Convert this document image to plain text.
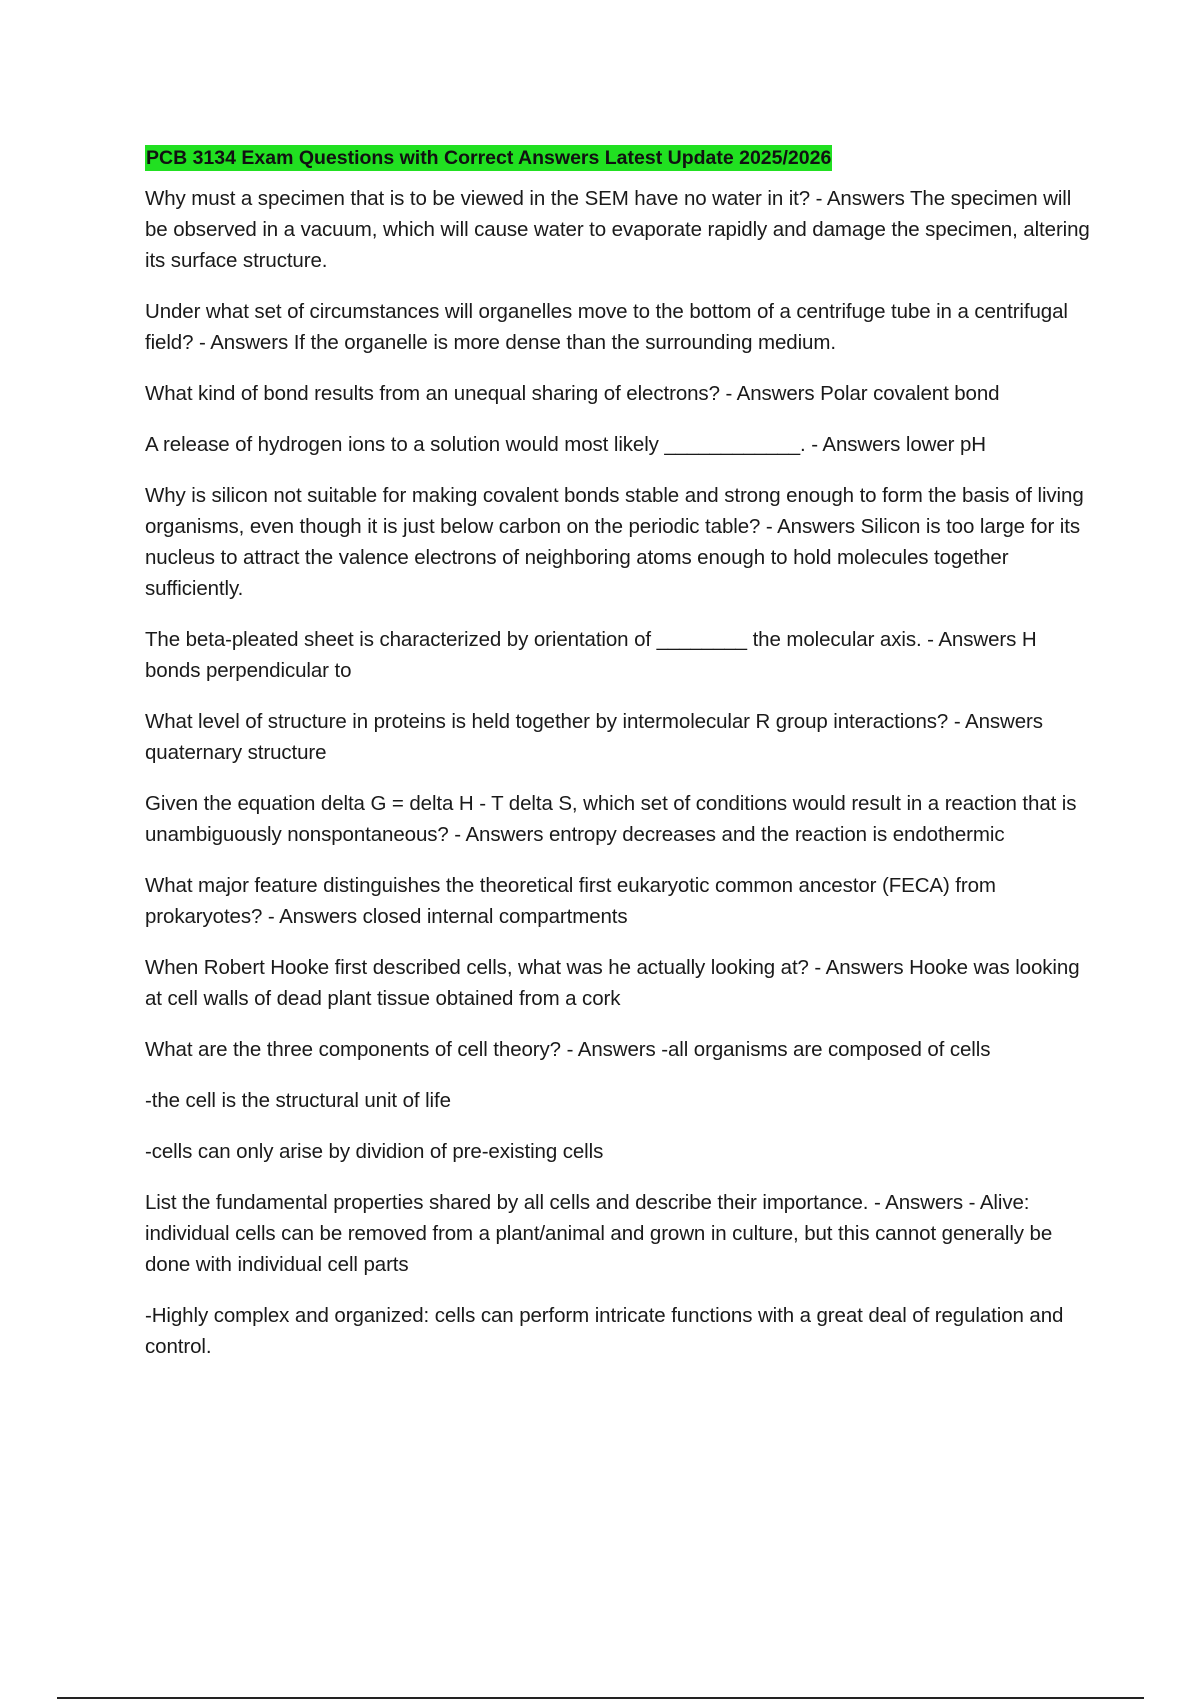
PCB 3134 Exam Questions with Correct Answers Latest Update 2025/2026

Why must a specimen that is to be viewed in the SEM have no water in it? - Answers The specimen will be observed in a vacuum, which will cause water to evaporate rapidly and damage the specimen, altering its surface structure.

Under what set of circumstances will organelles move to the bottom of a centrifuge tube in a centrifugal field? - Answers If the organelle is more dense than the surrounding medium.

What kind of bond results from an unequal sharing of electrons? - Answers Polar covalent bond

A release of hydrogen ions to a solution would most likely ____________. - Answers lower pH

Why is silicon not suitable for making covalent bonds stable and strong enough to form the basis of living organisms, even though it is just below carbon on the periodic table? - Answers Silicon is too large for its nucleus to attract the valence electrons of neighboring atoms enough to hold molecules together sufficiently.

The beta-pleated sheet is characterized by orientation of ________ the molecular axis. - Answers H bonds perpendicular to

What level of structure in proteins is held together by intermolecular R group interactions? - Answers quaternary structure

Given the equation delta G = delta H - T delta S, which set of conditions would result in a reaction that is unambiguously nonspontaneous? - Answers entropy decreases and the reaction is endothermic

What major feature distinguishes the theoretical first eukaryotic common ancestor (FECA) from prokaryotes? - Answers closed internal compartments

When Robert Hooke first described cells, what was he actually looking at? - Answers Hooke was looking at cell walls of dead plant tissue obtained from a cork

What are the three components of cell theory? - Answers -all organisms are composed of cells

-the cell is the structural unit of life

-cells can only arise by dividion of pre-existing cells

List the fundamental properties shared by all cells and describe their importance. - Answers - Alive: individual cells can be removed from a plant/animal and grown in culture, but this cannot generally be done with individual cell parts

-Highly complex and organized: cells can perform intricate functions with a great deal of regulation and control.
